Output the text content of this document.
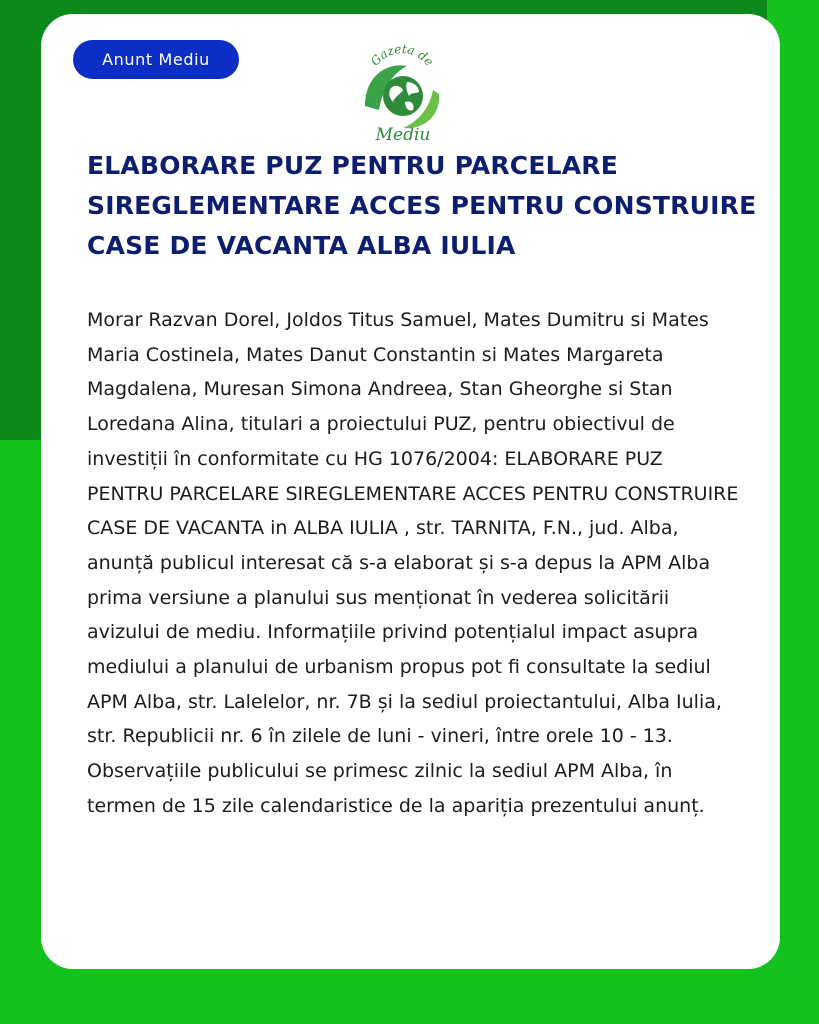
Anunt Mediu	Gazeta de
Mediu
ELABORARE PUZ PENTRU PARCELARE SIREGLEMENTARE ACCES PENTRU CONSTRUIRE CASE DE VACANTA ALBA IULIA

Morar Razvan Dorel, Joldos Titus Samuel, Mates Dumitru si Mates Maria Costinela, Mates Danut Constantin si Mates Margareta Magdalena, Muresan Simona Andreea, Stan Gheorghe si Stan Loredana Alina, titulari a proiectului PUZ, pentru obiectivul de investiții în conformitate cu HG 1076/2004: ELABORARE PUZ PENTRU PARCELARE SIREGLEMENTARE ACCES PENTRU CONSTRUIRE CASE DE VACANTA in ALBA IULIA , str. TARNITA, F.N., jud. Alba, anunță publicul interesat că s-a elaborat și s-a depus la APM Alba prima versiune a planului sus menționat în vederea solicitării avizului de mediu. Informațiile privind potențialul impact asupra mediului a planului de urbanism propus pot fi consultate la sediul APM Alba, str. Lalelelor, nr. 7B și la sediul proiectantului, Alba Iulia, str. Republicii nr. 6 în zilele de luni - vineri, între orele 10 - 13. Observațiile publicului se primesc zilnic la sediul APM Alba, în termen de 15 zile calendaristice de la apariția prezentului anunț.
